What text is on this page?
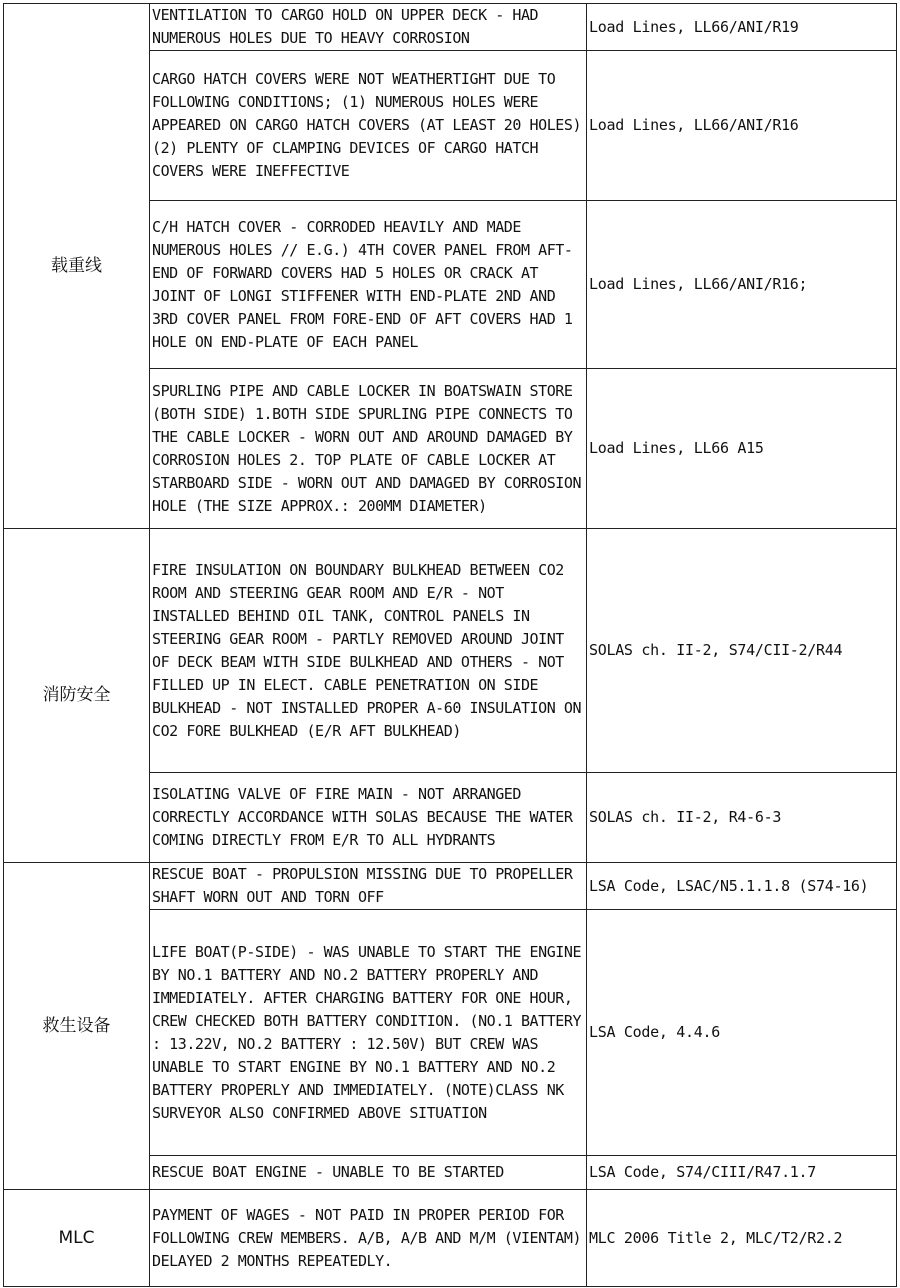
载重线	VENTILATION TO CARGO HOLD ON UPPER DECK - HAD NUMEROUS HOLES DUE TO HEAVY CORROSION	Load Lines, LL66/ANI/R19
	CARGO HATCH COVERS WERE NOT WEATHERTIGHT DUE TO FOLLOWING CONDITIONS; (1) NUMEROUS HOLES WERE APPEARED ON CARGO HATCH COVERS (AT LEAST 20 HOLES) (2) PLENTY OF CLAMPING DEVICES OF CARGO HATCH COVERS WERE INEFFECTIVE	Load Lines, LL66/ANI/R16
	C/H HATCH COVER - CORRODED HEAVILY AND MADE NUMEROUS HOLES // E.G.) 4TH COVER PANEL FROM AFT-END OF FORWARD COVERS HAD 5 HOLES OR CRACK AT JOINT OF LONGI STIFFENER WITH END-PLATE 2ND AND 3RD COVER PANEL FROM FORE-END OF AFT COVERS HAD 1 HOLE ON END-PLATE OF EACH PANEL	Load Lines, LL66/ANI/R16;
	SPURLING PIPE AND CABLE LOCKER IN BOATSWAIN STORE (BOTH SIDE) 1.BOTH SIDE SPURLING PIPE CONNECTS TO THE CABLE LOCKER - WORN OUT AND AROUND DAMAGED BY CORROSION HOLES 2. TOP PLATE OF CABLE LOCKER AT STARBOARD SIDE - WORN OUT AND DAMAGED BY CORROSION HOLE (THE SIZE APPROX.: 200MM DIAMETER)	Load Lines, LL66 A15
消防安全	FIRE INSULATION ON BOUNDARY BULKHEAD BETWEEN CO2 ROOM AND STEERING GEAR ROOM AND E/R - NOT INSTALLED BEHIND OIL TANK, CONTROL PANELS IN STEERING GEAR ROOM - PARTLY REMOVED AROUND JOINT OF DECK BEAM WITH SIDE BULKHEAD AND OTHERS - NOT FILLED UP IN ELECT. CABLE PENETRATION ON SIDE BULKHEAD - NOT INSTALLED PROPER A-60 INSULATION ON CO2 FORE BULKHEAD (E/R AFT BULKHEAD)	SOLAS ch. II-2, S74/CII-2/R44
	ISOLATING VALVE OF FIRE MAIN - NOT ARRANGED CORRECTLY ACCORDANCE WITH SOLAS BECAUSE THE WATER COMING DIRECTLY FROM E/R TO ALL HYDRANTS	SOLAS ch. II-2, R4-6-3
救生设备	RESCUE BOAT - PROPULSION MISSING DUE TO PROPELLER SHAFT WORN OUT AND TORN OFF	LSA Code, LSAC/N5.1.1.8 (S74-16)
	LIFE BOAT(P-SIDE) - WAS UNABLE TO START THE ENGINE BY NO.1 BATTERY AND NO.2 BATTERY PROPERLY AND IMMEDIATELY. AFTER CHARGING BATTERY FOR ONE HOUR, CREW CHECKED BOTH BATTERY CONDITION. (NO.1 BATTERY : 13.22V, NO.2 BATTERY : 12.50V) BUT CREW WAS UNABLE TO START ENGINE BY NO.1 BATTERY AND NO.2 BATTERY PROPERLY AND IMMEDIATELY. (NOTE)CLASS NK SURVEYOR ALSO CONFIRMED ABOVE SITUATION	LSA Code, 4.4.6
	RESCUE BOAT ENGINE - UNABLE TO BE STARTED	LSA Code, S74/CIII/R47.1.7
MLC	PAYMENT OF WAGES - NOT PAID IN PROPER PERIOD FOR FOLLOWING CREW MEMBERS. A/B, A/B AND M/M (VIENTAM) DELAYED 2 MONTHS REPEATEDLY.	MLC 2006 Title 2, MLC/T2/R2.2
